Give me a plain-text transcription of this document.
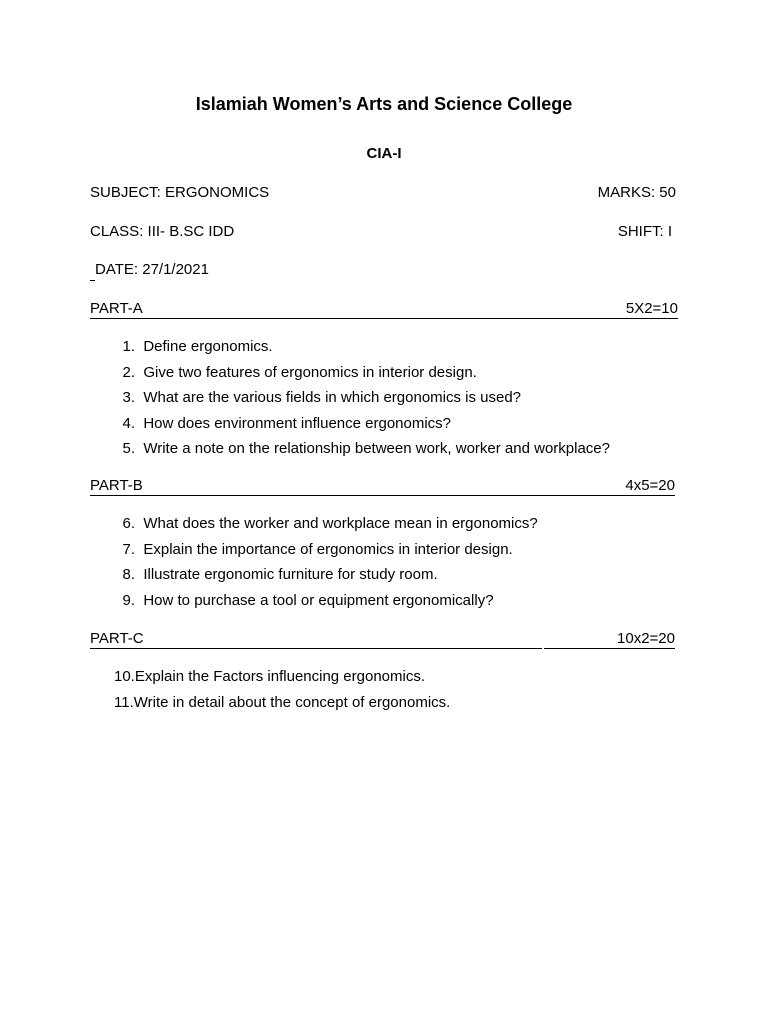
Islamiah Women’s Arts and Science College
CIA-I
SUBJECT: ERGONOMICS	MARKS: 50
CLASS: III- B.SC IDD	SHIFT: I
DATE: 27/1/2021
PART-A	5X2=10
1. Define ergonomics.
2. Give two features of ergonomics in interior design.
3. What are the various fields in which ergonomics is used?
4. How does environment influence ergonomics?
5. Write a note on the relationship between work, worker and workplace?
PART-B	4x5=20
6. What does the worker and workplace mean in ergonomics?
7. Explain the importance of ergonomics in interior design.
8. Illustrate ergonomic furniture for study room.
9. How to purchase a tool or equipment ergonomically?
PART-C	10x2=20
10.Explain the Factors influencing ergonomics.
11.Write in detail about the concept of ergonomics.
